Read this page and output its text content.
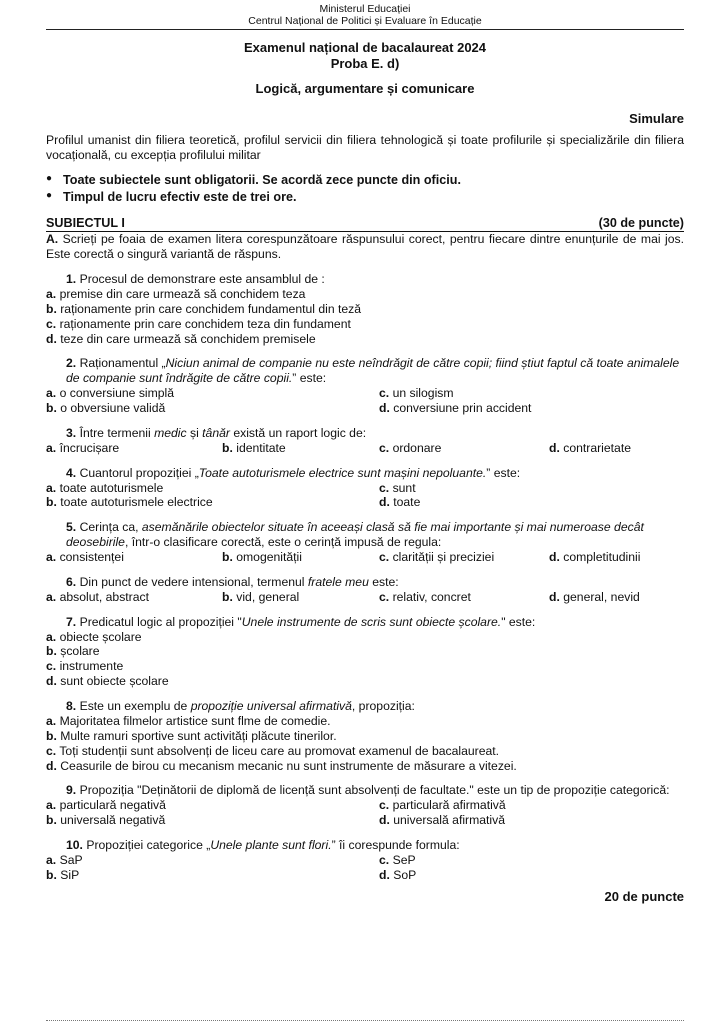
Ministerul Educației
Centrul Național de Politici și Evaluare în Educație
Examenul național de bacalaureat 2024
Proba E. d)
Logică, argumentare și comunicare
Simulare
Profilul umanist din filiera teoretică, profilul servicii din filiera tehnologică și toate profilurile și specializările din filiera vocațională, cu excepția profilului militar
● Toate subiectele sunt obligatorii. Se acordă zece puncte din oficiu.
● Timpul de lucru efectiv este de trei ore.
SUBIECTUL I	(30 de puncte)
A. Scrieți pe foaia de examen litera corespunzătoare răspunsului corect, pentru fiecare dintre enunțurile de mai jos. Este corectă o singură variantă de răspuns.
1. Procesul de demonstrare este ansamblul de :
a. premise din care urmează să conchidem teza
b. raționamente prin care conchidem fundamentul din teză
c. raționamente prin care conchidem teza din fundament
d. teze din care urmează să conchidem premisele
2. Raționamentul „Niciun animal de companie nu este neîndrăgit de către copii; fiind știut faptul că toate animalele de companie sunt îndrăgite de către copii.” este:
a. o conversiune simplă	c. un silogism
b. o obversiune validă	d. conversiune prin accident
3. Între termenii medic și tânăr există un raport logic de:
a. încrucișare	b. identitate	c. ordonare	d. contrarietate
4. Cuantorul propoziției „Toate autoturismele electrice sunt mașini nepoluante.” este:
a. toate autoturismele	c. sunt
b. toate autoturismele electrice	d. toate
5. Cerința ca, asemănările obiectelor situate în aceeași clasă să fie mai importante și mai numeroase decât deosebirile, într-o clasificare corectă, este o cerință impusă de regula:
a. consistenței	b. omogenității	c. clarității și preciziei	d. completitudinii
6. Din punct de vedere intensional, termenul fratele meu este:
a. absolut, abstract	b. vid, general	c. relativ, concret	d. general, nevid
7. Predicatul logic al propoziției "Unele instrumente de scris sunt obiecte școlare." este:
a. obiecte școlare
b. școlare
c. instrumente
d. sunt obiecte școlare
8. Este un exemplu de propoziție universal afirmativă, propoziția:
a. Majoritatea filmelor artistice sunt flme de comedie.
b. Multe ramuri sportive sunt activități plăcute tinerilor.
c. Toți studenții sunt absolvenți de liceu care au promovat examenul de bacalaureat.
d. Ceasurile de birou cu mecanism mecanic nu sunt instrumente de măsurare a vitezei.
9. Propoziția "Deținătorii de diplomă de licență sunt absolvenți de facultate." este un tip de propoziție categorică:
a. particulară negativă	c. particulară afirmativă
b. universală negativă	d. universală afirmativă
10. Propoziției categorice „Unele plante sunt flori.” îi corespunde formula:
a. SaP	c. SeP
b. SiP	d. SoP
20 de puncte
